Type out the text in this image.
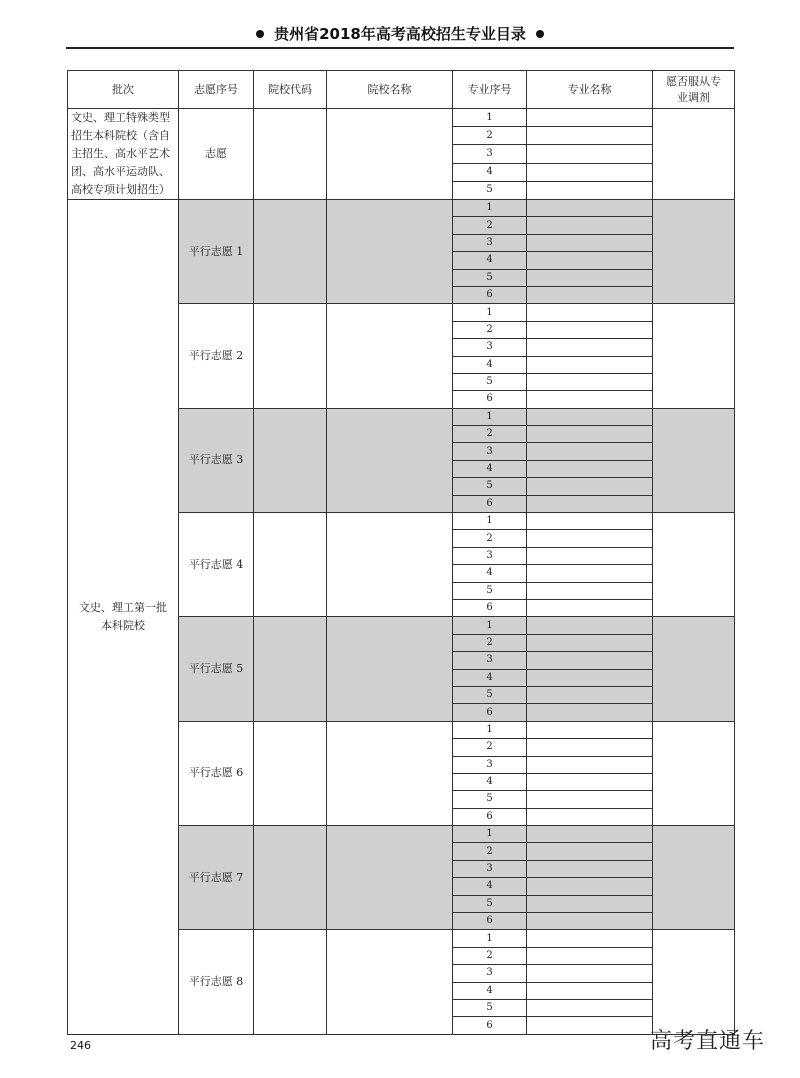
贵州省2018年高考高校招生专业目录
批次	志愿序号	院校代码	院校名称	专业序号	专业名称	愿否服从专业调剂
文史、理工特殊类型招生本科院校（含自主招生、高水平艺术团、高水平运动队、高校专项计划招生）	志愿			1		
				2		
				3		
				4		
				5		
文史、理工第一批本科院校	平行志愿 1			1		
				2		
				3		
				4		
				5		
				6		
	平行志愿 2			1		
				2		
				3		
				4		
				5		
				6		
	平行志愿 3			1		
				2		
				3		
				4		
				5		
				6		
	平行志愿 4			1		
				2		
				3		
				4		
				5		
				6		
	平行志愿 5			1		
				2		
				3		
				4		
				5		
				6		
	平行志愿 6			1		
				2		
				3		
				4		
				5		
				6		
	平行志愿 7			1		
				2		
				3		
				4		
				5		
				6		
	平行志愿 8			1		
				2		
				3		
				4		
				5		
				6		
246	高考直通车
